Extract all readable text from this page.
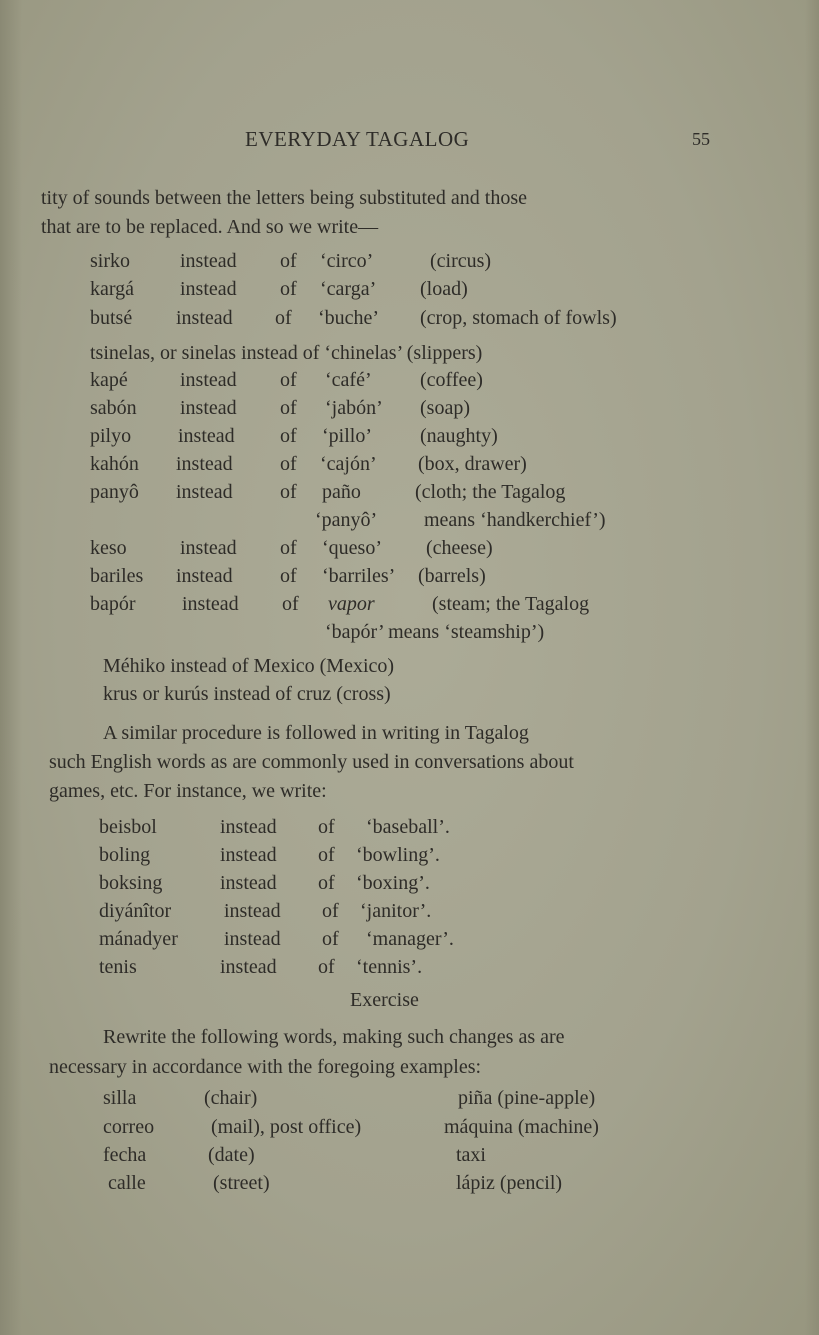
EVERYDAY TAGALOG	55
tity of sounds between the letters being substituted and those
that are to be replaced. And so we write—
sirko	instead of ‘circo’	(circus)
kargá instead of ‘carga’ (load)
butsé instead of ‘buche’ (crop, stomach of fowls)
tsinelas, or sinelas instead of ‘chinelas’ (slippers)
kapé	instead of ‘café’ (coffee)
sabón instead of ‘jabón’ (soap)
pilyo instead of ‘pillo’ (naughty)
kahón instead of ‘cajón’ (box, drawer)
panyô instead of paño	(cloth; the Tagalog
‘panyô’ means ‘handkerchief’)
keso	instead of ‘queso’ (cheese)
bariles instead of ‘barriles’ (barrels)
bapór instead of vapor	(steam; the Tagalog
‘bapór’ means ‘steamship’)
Méhiko instead of Mexico (Mexico)
krus or kurús instead of cruz (cross)
A similar procedure is followed in writing in Tagalog
such English words as are commonly used in conversations about
games, etc. For instance, we write:
beisbol	instead of ‘baseball’.
boling	instead of ‘bowling’.
boksing	instead of ‘boxing’.
diyánîtor	instead of ‘janitor’.
mánadyer instead of ‘manager’.
tenis	instead of ‘tennis’.
Exercise
Rewrite the following words, making such changes as are
necessary in accordance with the foregoing examples:
silla	(chair)	piña (pine-apple)
correo	(mail), post office)	máquina (machine)
fecha	(date)	taxi
calle	(street)	lápiz (pencil)
